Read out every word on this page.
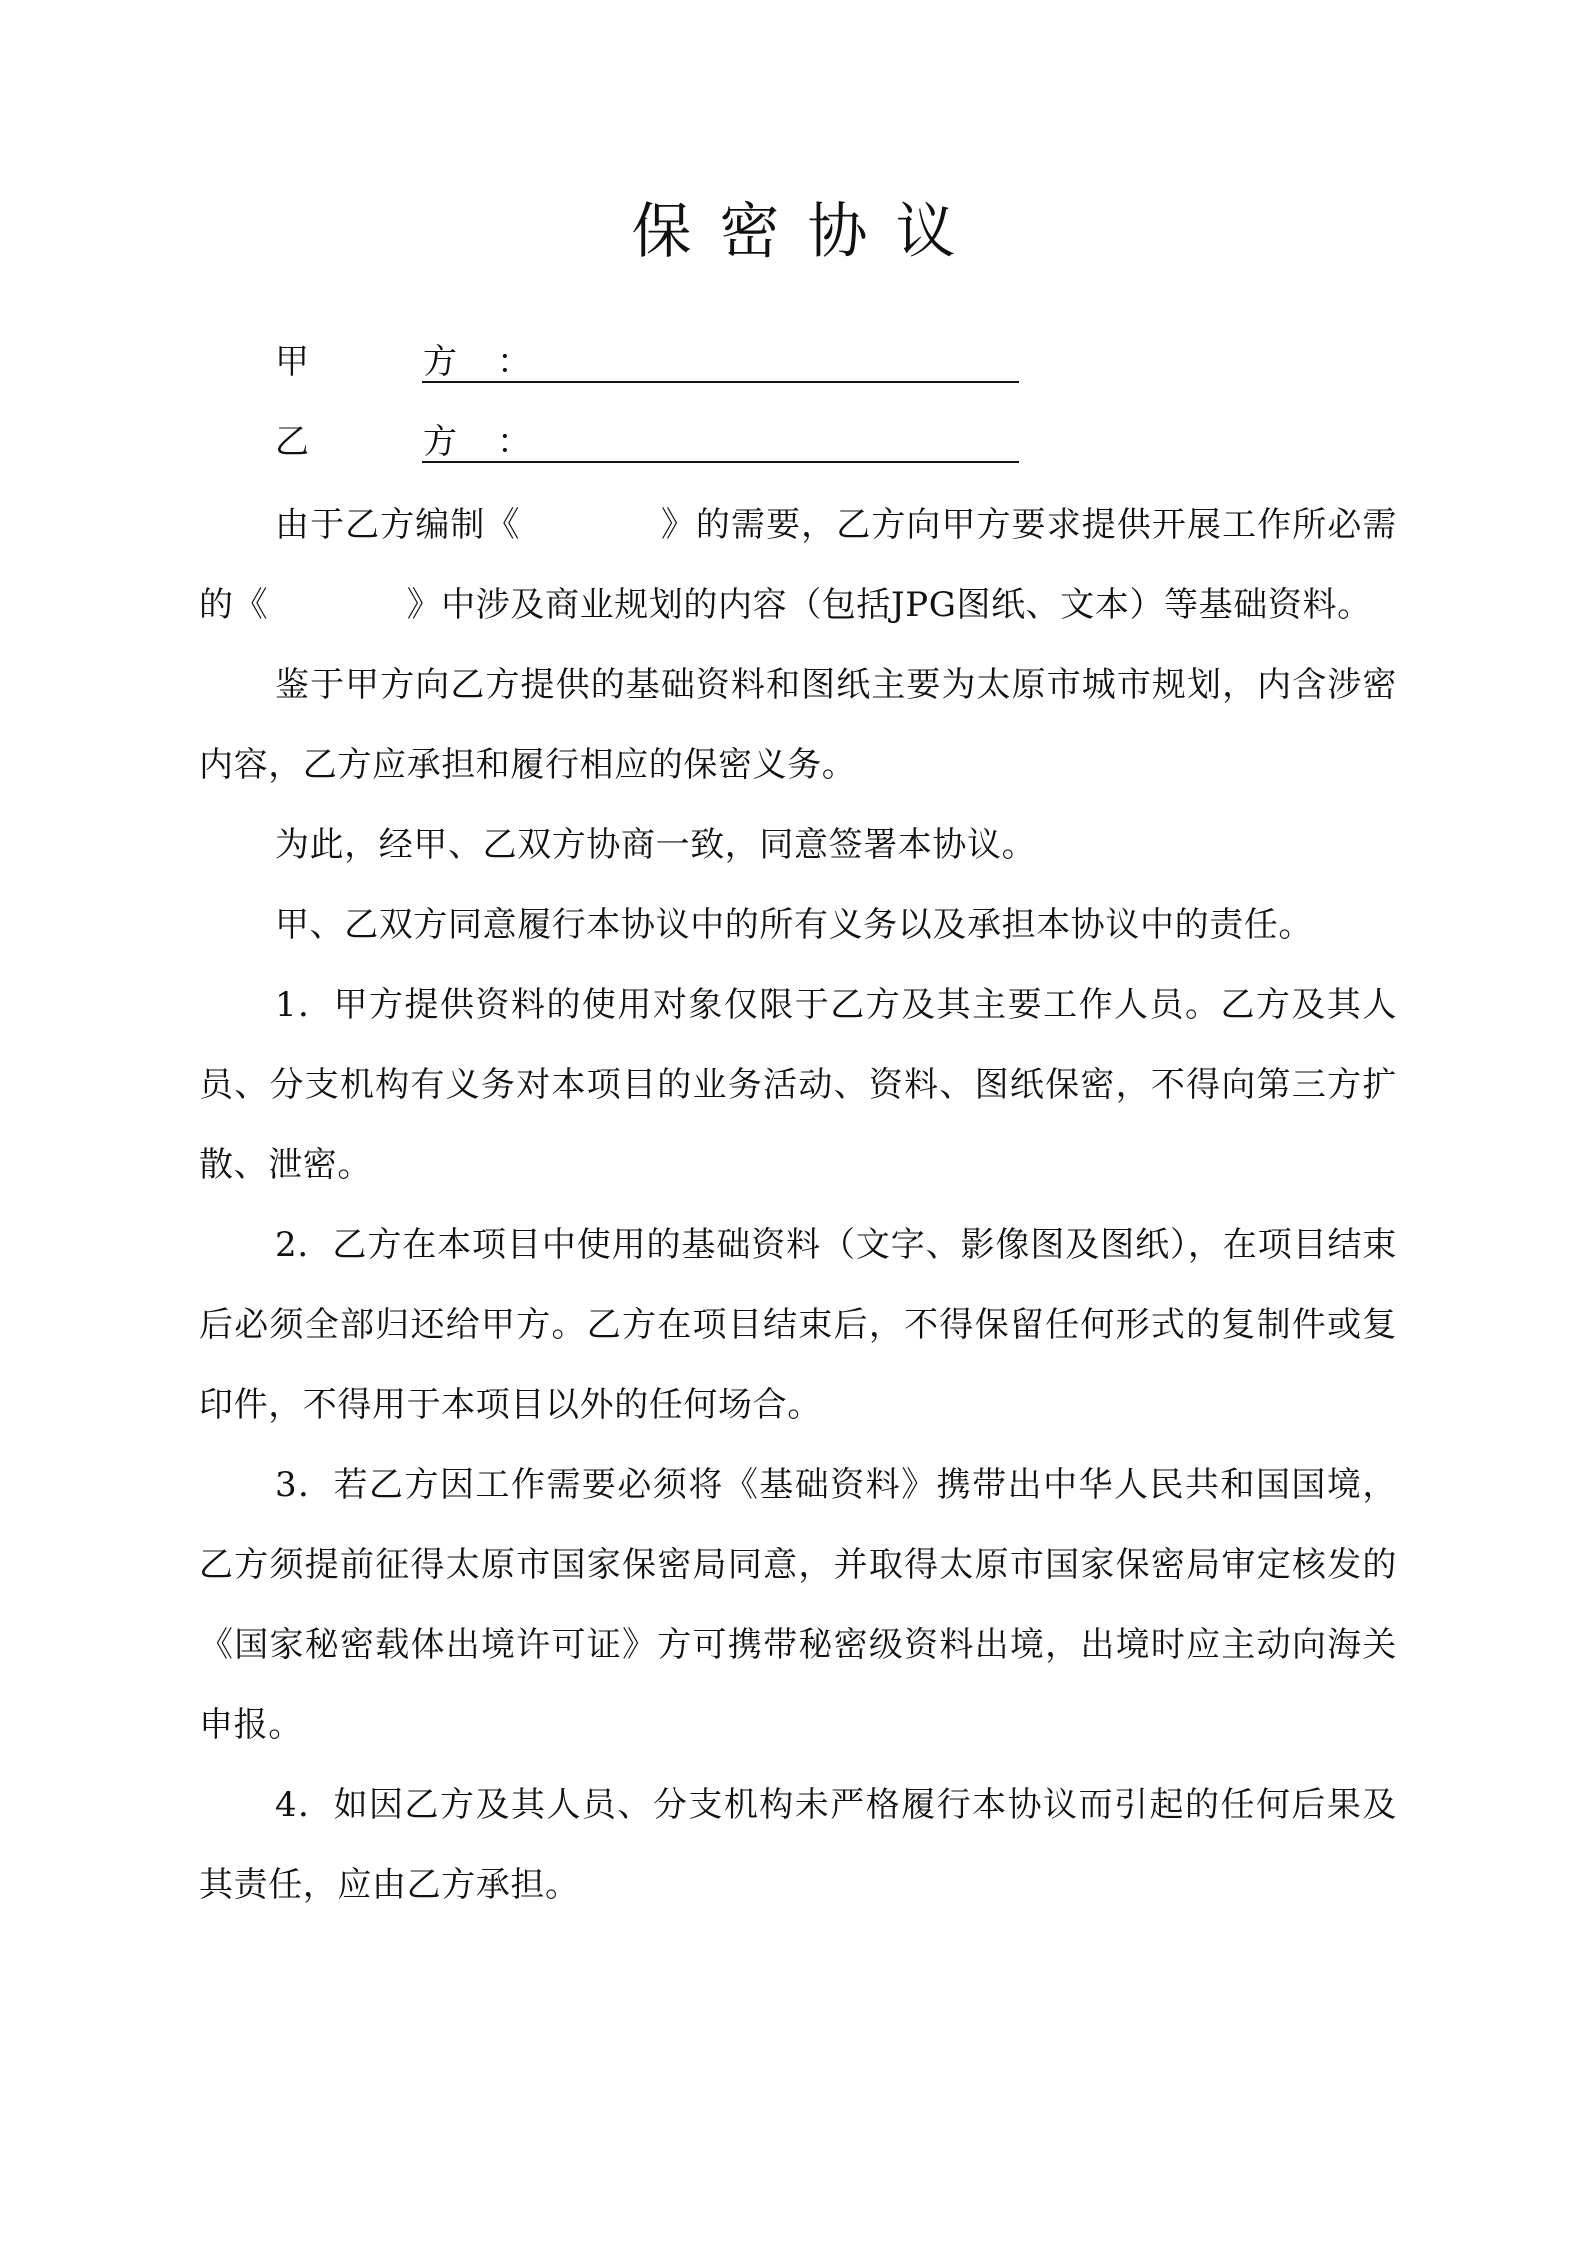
保密协议
甲　方：
乙　方：

由于乙方编制《　　　　》的需要，乙方向甲方要求提供开展工作所必需的《　　　　》中涉及商业规划的内容（包括JPG图纸、文本）等基础资料。

鉴于甲方向乙方提供的基础资料和图纸主要为太原市城市规划，内含涉密内容，乙方应承担和履行相应的保密义务。

为此，经甲、乙双方协商一致，同意签署本协议。

甲、乙双方同意履行本协议中的所有义务以及承担本协议中的责任。

1．甲方提供资料的使用对象仅限于乙方及其主要工作人员。乙方及其人员、分支机构有义务对本项目的业务活动、资料、图纸保密，不得向第三方扩散、泄密。

2．乙方在本项目中使用的基础资料（文字、影像图及图纸），在项目结束后必须全部归还给甲方。乙方在项目结束后，不得保留任何形式的复制件或复印件，不得用于本项目以外的任何场合。

3．若乙方因工作需要必须将《基础资料》携带出中华人民共和国国境，乙方须提前征得太原市国家保密局同意，并取得太原市国家保密局审定核发的《国家秘密载体出境许可证》方可携带秘密级资料出境，出境时应主动向海关申报。

4．如因乙方及其人员、分支机构未严格履行本协议而引起的任何后果及其责任，应由乙方承担。
